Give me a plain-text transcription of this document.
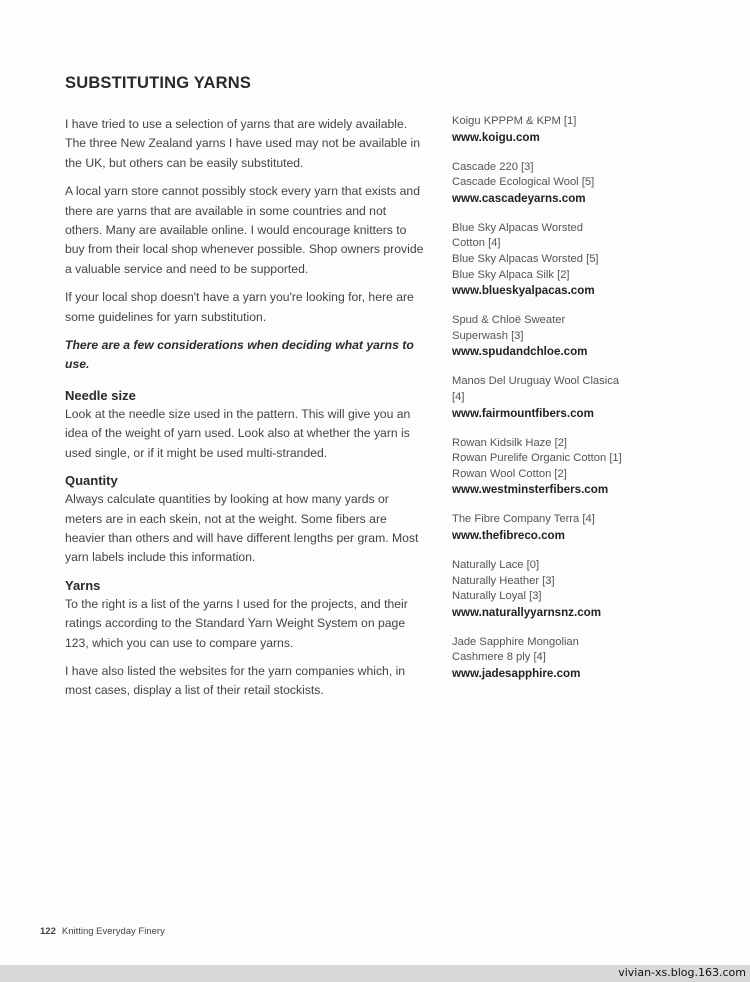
SUBSTITUTING YARNS

I have tried to use a selection of yarns that are widely available. The three New Zealand yarns I have used may not be available in the UK, but others can be easily substituted.

A local yarn store cannot possibly stock every yarn that exists and there are yarns that are available in some countries and not others. Many are available online. I would encourage knitters to buy from their local shop whenever possible. Shop owners provide a valuable service and need to be supported.

If your local shop doesn't have a yarn you're looking for, here are some guidelines for yarn substitution.

There are a few considerations when deciding what yarns to use.

Needle size

Look at the needle size used in the pattern. This will give you an idea of the weight of yarn used. Look also at whether the yarn is used single, or if it might be used multi-stranded.

Quantity

Always calculate quantities by looking at how many yards or meters are in each skein, not at the weight. Some fibers are heavier than others and will have different lengths per gram. Most yarn labels include this information.

Yarns

To the right is a list of the yarns I used for the projects, and their ratings according to the Standard Yarn Weight System on page 123, which you can use to compare yarns.

I have also listed the websites for the yarn companies which, in most cases, display a list of their retail stockists.

Koigu KPPPM & KPM [1]
www.koigu.com
Cascade 220 [3]
Cascade Ecological Wool [5]
www.cascadeyarns.com
Blue Sky Alpacas Worsted
Cotton [4]
Blue Sky Alpacas Worsted [5]
Blue Sky Alpaca Silk [2]
www.blueskyalpacas.com
Spud & Chloë Sweater
Superwash [3]
www.spudandchloe.com
Manos Del Uruguay Wool Clasica
[4]
www.fairmountfibers.com
Rowan Kidsilk Haze [2]
Rowan Purelife Organic Cotton [1]
Rowan Wool Cotton [2]
www.westminsterfibers.com
The Fibre Company Terra [4]
www.thefibreco.com
Naturally Lace [0]
Naturally Heather [3]
Naturally Loyal [3]
www.naturallyyarnsnz.com
Jade Sapphire Mongolian
Cashmere 8 ply [4]
www.jadesapphire.com
122 Knitting Everyday Finery
vivian-xs.blog.163.com
